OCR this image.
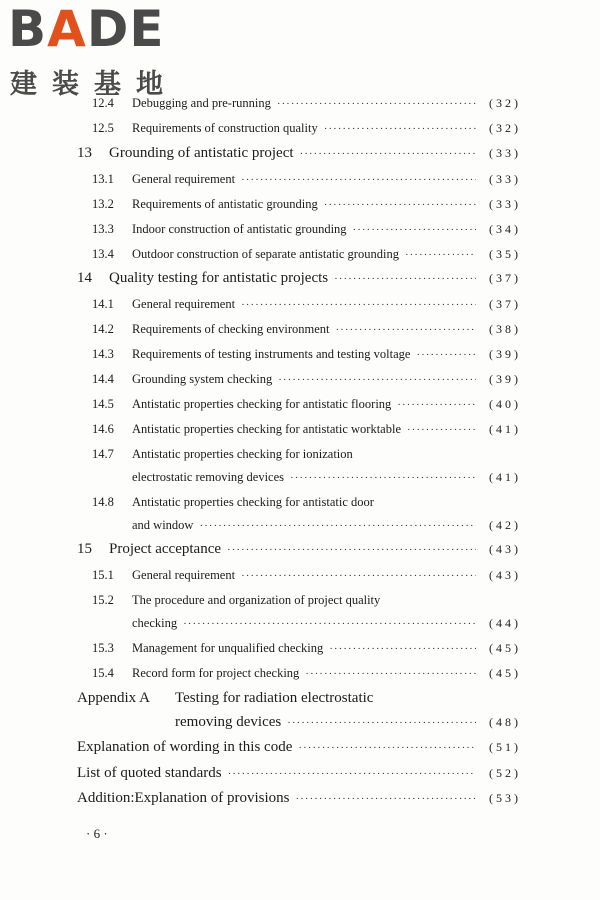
BADE
建装基地
12.4	Debugging and pre-running ·····	( 3 2 )
12.5	Requirements of construction quality ·····	( 3 2 )
13	Grounding of antistatic project ·····	( 3 3 )
13.1	General requirement ·····	( 3 3 )
13.2	Requirements of antistatic grounding ·····	( 3 3 )
13.3	Indoor construction of antistatic grounding ·····	( 3 4 )
13.4	Outdoor construction of separate antistatic grounding ·····	( 3 5 )
14	Quality testing for antistatic projects ·····	( 3 7 )
14.1	General requirement ·····	( 3 7 )
14.2	Requirements of checking environment ·····	( 3 8 )
14.3	Requirements of testing instruments and testing voltage ·····	( 3 9 )
14.4	Grounding system checking ·····	( 3 9 )
14.5	Antistatic properties checking for antistatic flooring ·····	( 4 0 )
14.6	Antistatic properties checking for antistatic worktable ·····	( 4 1 )
14.7	Antistatic properties checking for ionization
electrostatic removing devices ·····	( 4 1 )
14.8	Antistatic properties checking for antistatic door
and window ·····	( 4 2 )
15	Project acceptance ·····	( 4 3 )
15.1	General requirement ·····	( 4 3 )
15.2	The procedure and organization of project quality
checking ·····	( 4 4 )
15.3	Management for unqualified checking ·····	( 4 5 )
15.4	Record form for project checking ·····	( 4 5 )
Appendix A	Testing for radiation electrostatic
removing devices ·····	( 4 8 )
Explanation of wording in this code ·····	( 5 1 )
List of quoted standards ·····	( 5 2 )
Addition:Explanation of provisions ·····	( 5 3 )
· 6 ·
